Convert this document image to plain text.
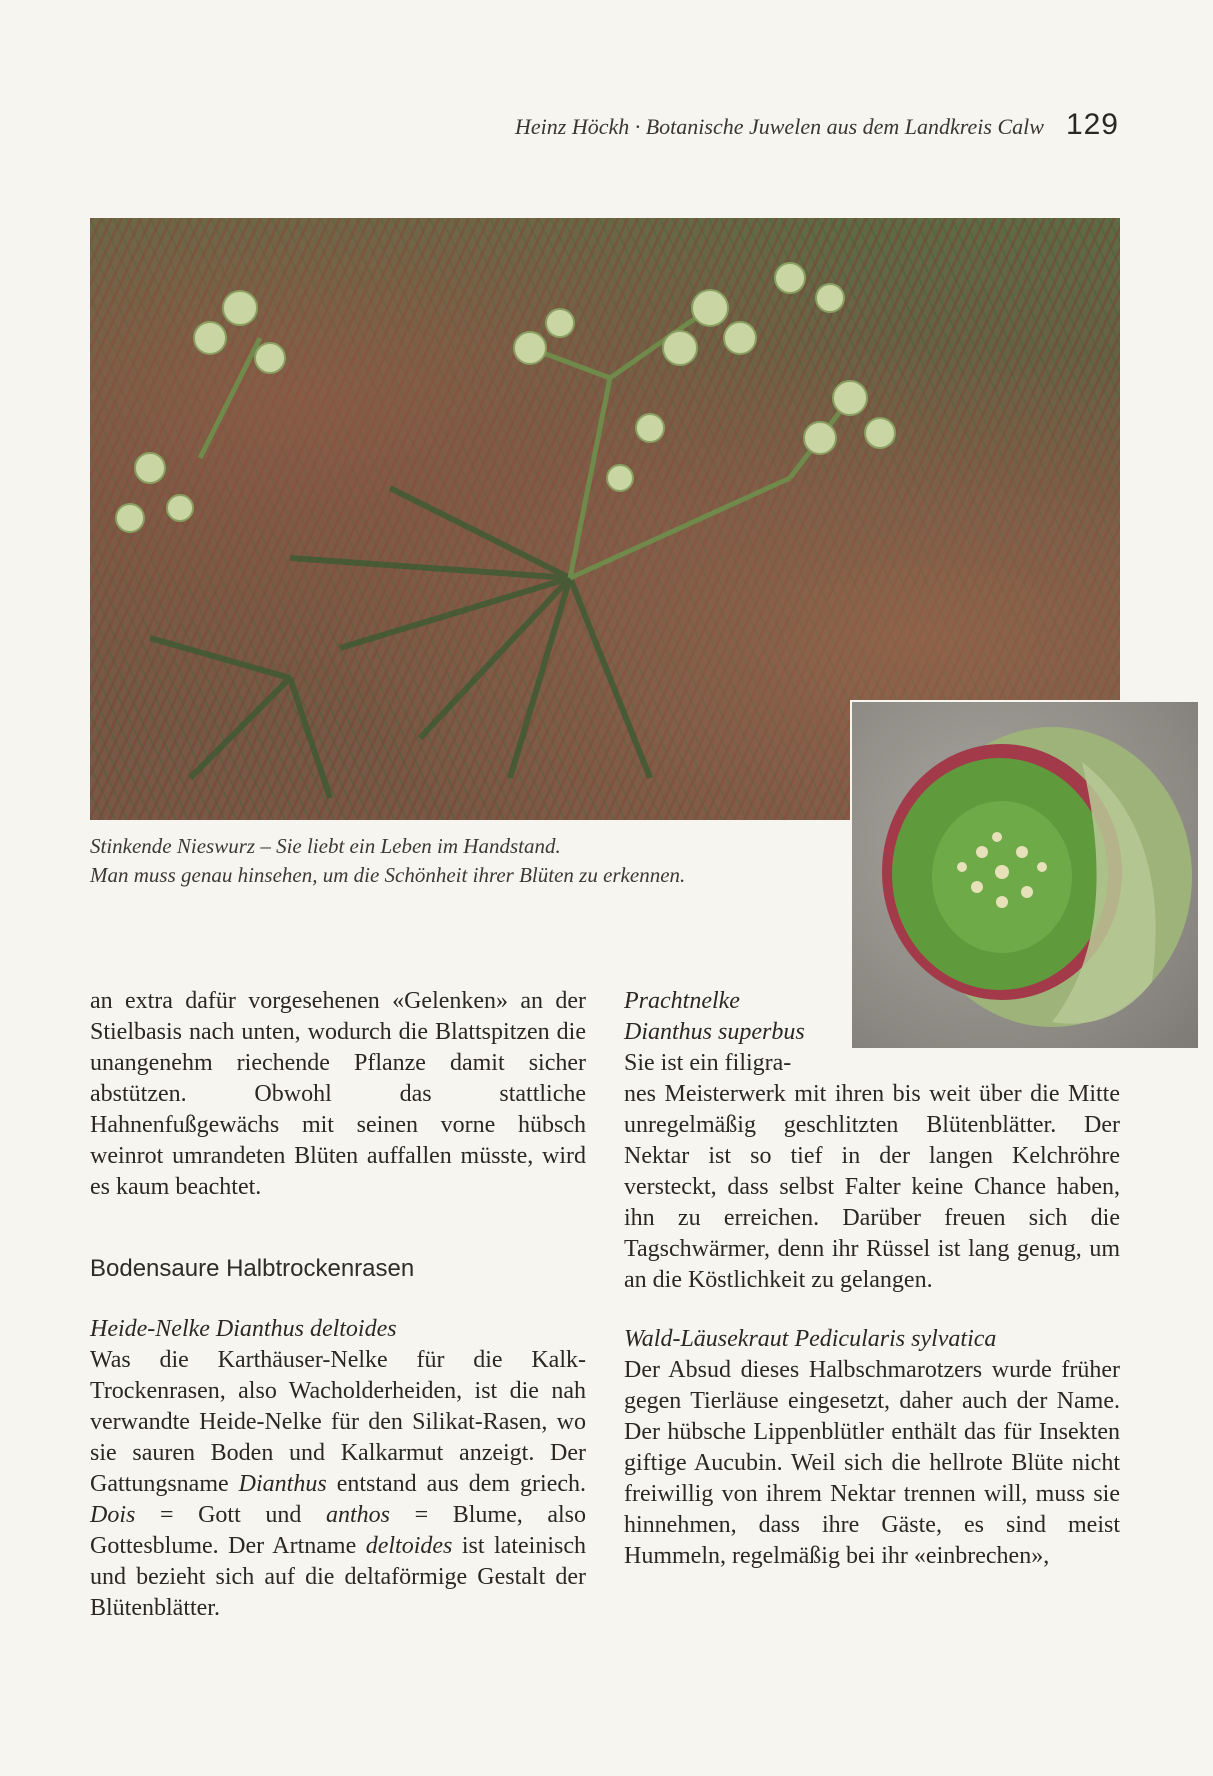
Heinz Höckh · Botanische Juwelen aus dem Landkreis Calw 129
Stinkende Nieswurz – Sie liebt ein Leben im Handstand.
Man muss genau hinsehen, um die Schönheit ihrer Blüten zu erkennen.

an extra dafür vorgesehenen «Gelenken» an der Stielbasis nach unten, wodurch die Blattspitzen die unangenehm riechende Pflanze damit sicher abstützen. Obwohl das stattliche Hahnenfußgewächs mit seinen vorne hübsch weinrot umrandeten Blüten auffallen müsste, wird es kaum beachtet.

Bodensaure Halbtrockenrasen
Heide-Nelke Dianthus deltoides

Was die Karthäuser-Nelke für die Kalk-Trockenrasen, also Wacholderheiden, ist die nah verwandte Heide-Nelke für den Silikat-Rasen, wo sie sauren Boden und Kalkarmut anzeigt. Der Gattungsname Dianthus entstand aus dem griech. Dois = Gott und anthos = Blume, also Gottesblume. Der Artname deltoides ist lateinisch und bezieht sich auf die deltaförmige Gestalt der Blütenblätter.

Prachtnelke
Dianthus superbus
Sie ist ein filigra-

nes Meisterwerk mit ihren bis weit über die Mitte unregelmäßig geschlitzten Blütenblätter. Der Nektar ist so tief in der langen Kelchröhre versteckt, dass selbst Falter keine Chance haben, ihn zu erreichen. Darüber freuen sich die Tagschwärmer, denn ihr Rüssel ist lang genug, um an die Köstlichkeit zu gelangen.

Wald-Läusekraut Pedicularis sylvatica

Der Absud dieses Halbschmarotzers wurde früher gegen Tierläuse eingesetzt, daher auch der Name. Der hübsche Lippenblütler enthält das für Insekten giftige Aucubin. Weil sich die hellrote Blüte nicht freiwillig von ihrem Nektar trennen will, muss sie hinnehmen, dass ihre Gäste, es sind meist Hummeln, regelmäßig bei ihr «einbrechen»,
